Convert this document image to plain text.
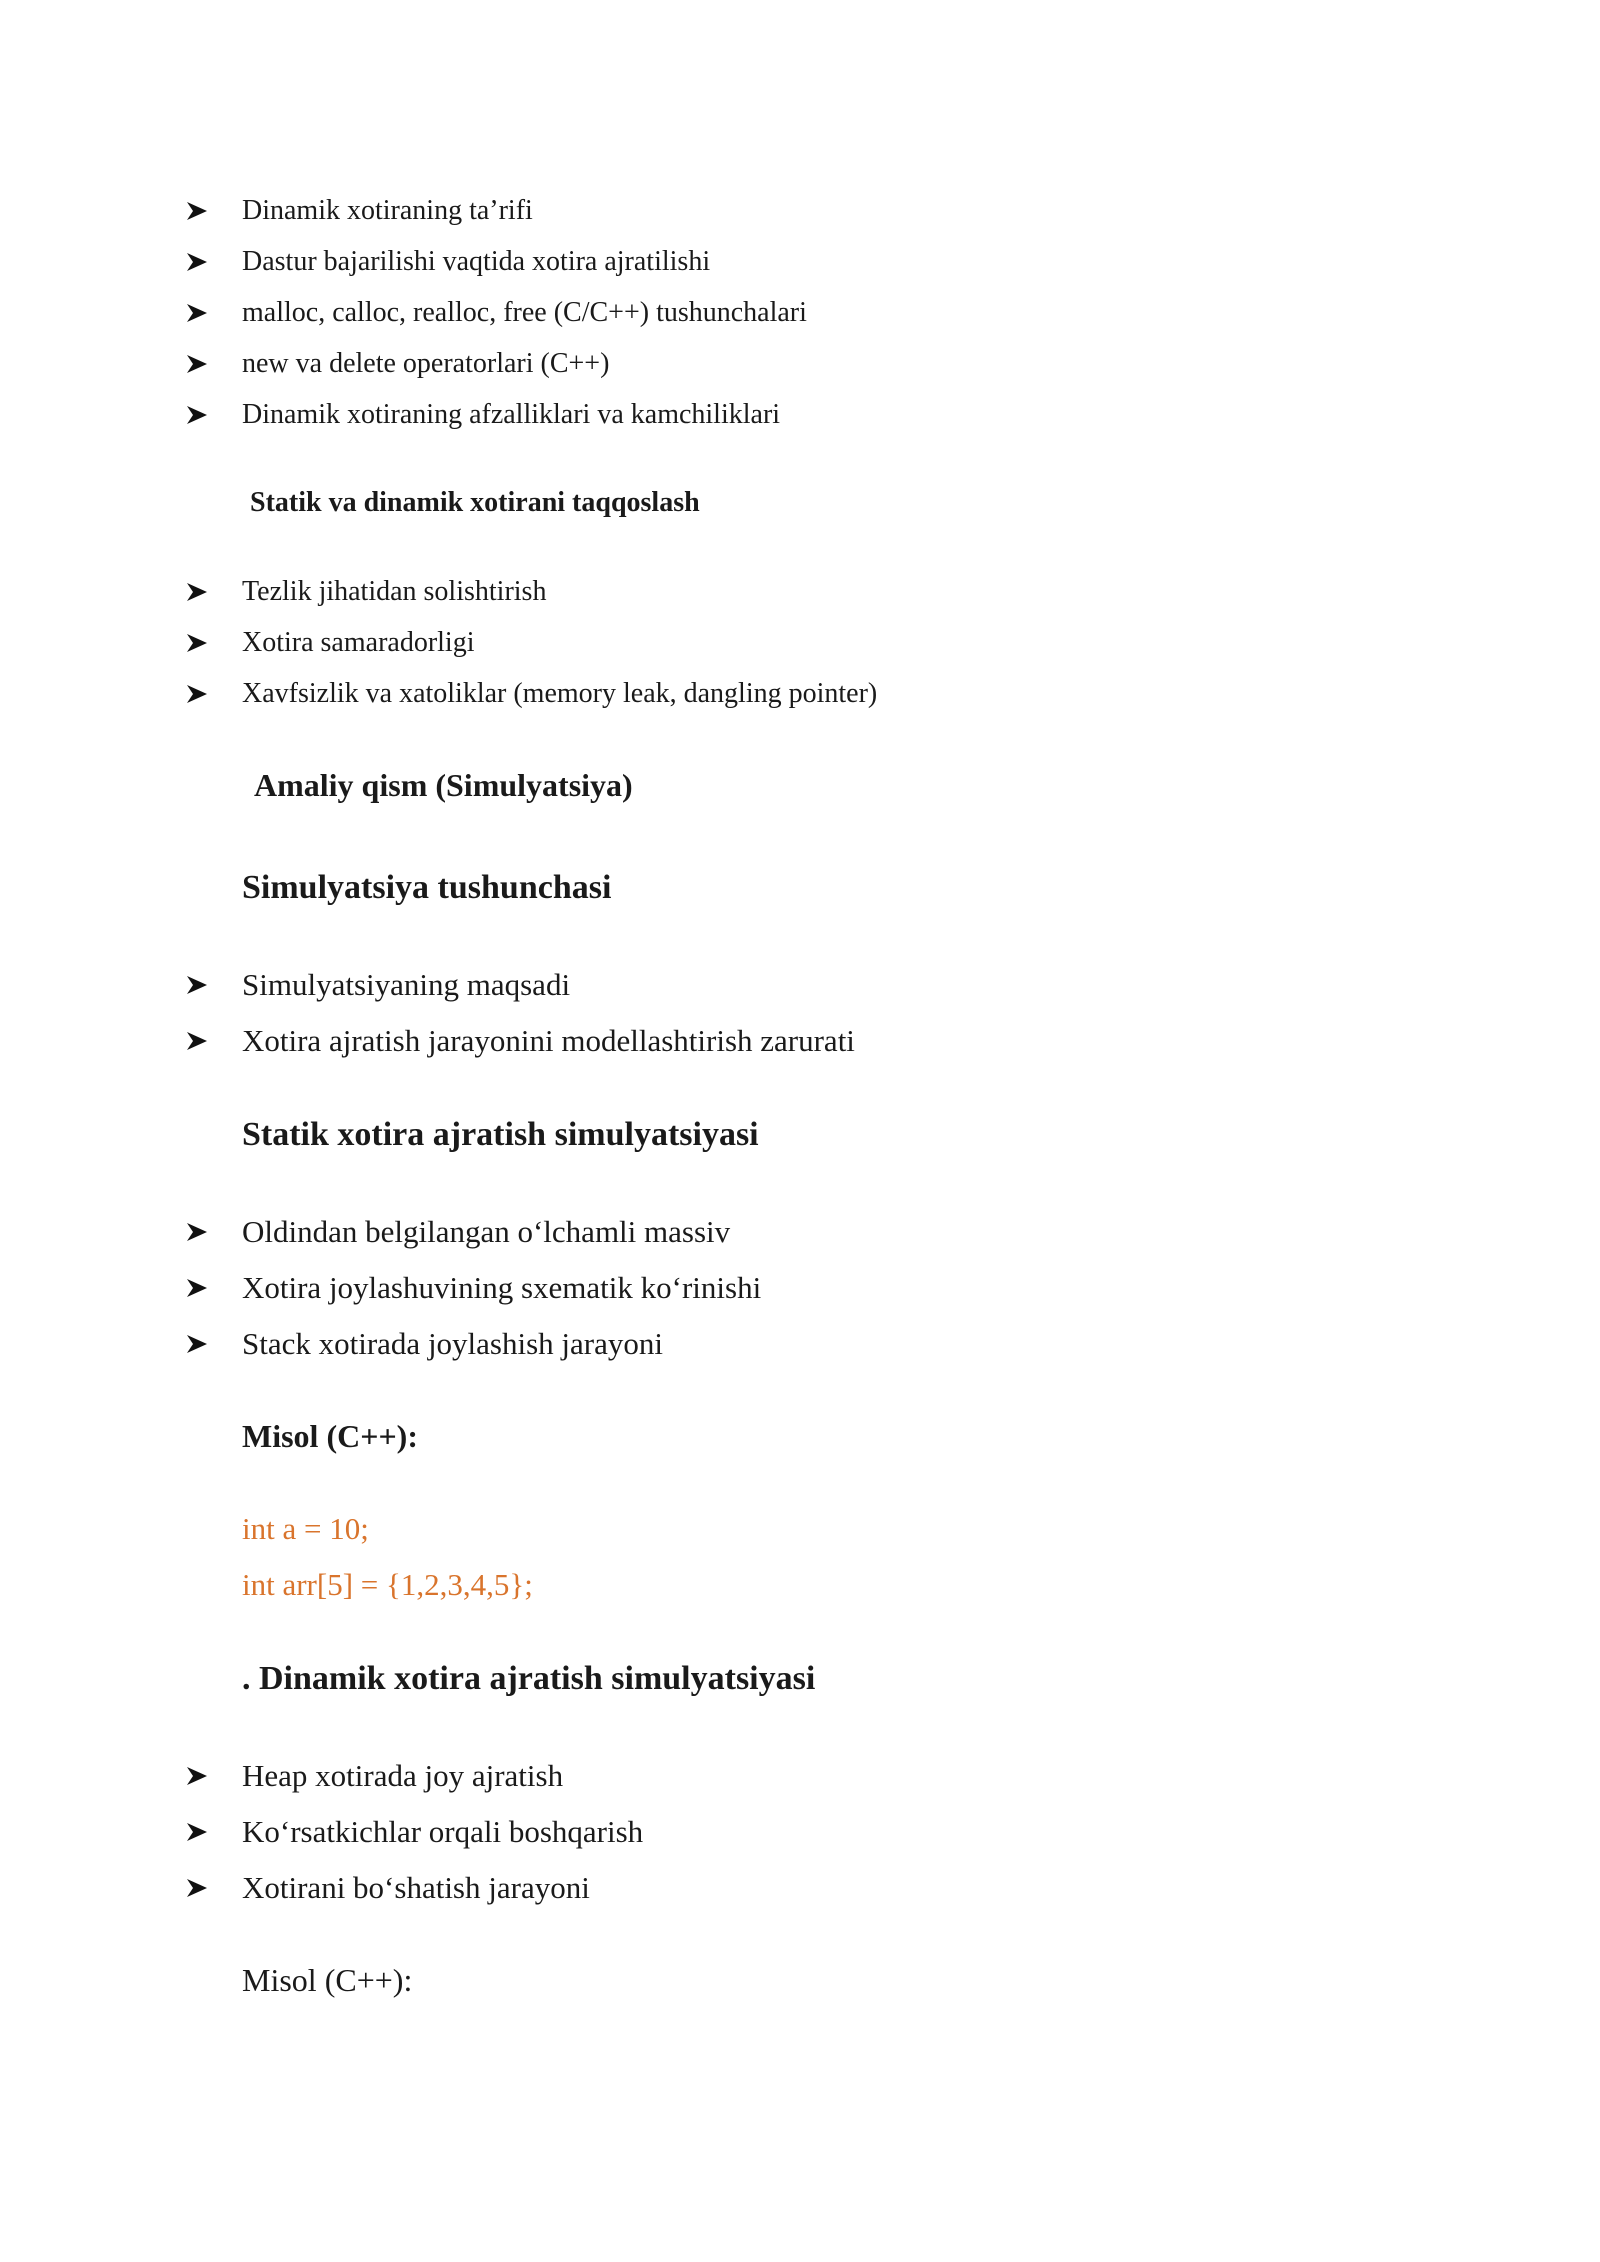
Dinamik xotiraning ta’rifi
Dastur bajarilishi vaqtida xotira ajratilishi
malloc, calloc, realloc, free (C/C++) tushunchalari
new va delete operatorlari (C++)
Dinamik xotiraning afzalliklari va kamchiliklari
Statik va dinamik xotirani taqqoslash
Tezlik jihatidan solishtirish
Xotira samaradorligi
Xavfsizlik va xatoliklar (memory leak, dangling pointer)
Amaliy qism (Simulyatsiya)
Simulyatsiya tushunchasi
Simulyatsiyaning maqsadi
Xotira ajratish jarayonini modellashtirish zarurati
Statik xotira ajratish simulyatsiyasi
Oldindan belgilangan o‘lchamli massiv
Xotira joylashuvining sxematik ko‘rinishi
Stack xotirada joylashish jarayoni
Misol (C++):
int a = 10;
int arr[5] = {1,2,3,4,5};
. Dinamik xotira ajratish simulyatsiyasi
Heap xotirada joy ajratish
Ko‘rsatkichlar orqali boshqarish
Xotirani bo‘shatish jarayoni
Misol (C++):
